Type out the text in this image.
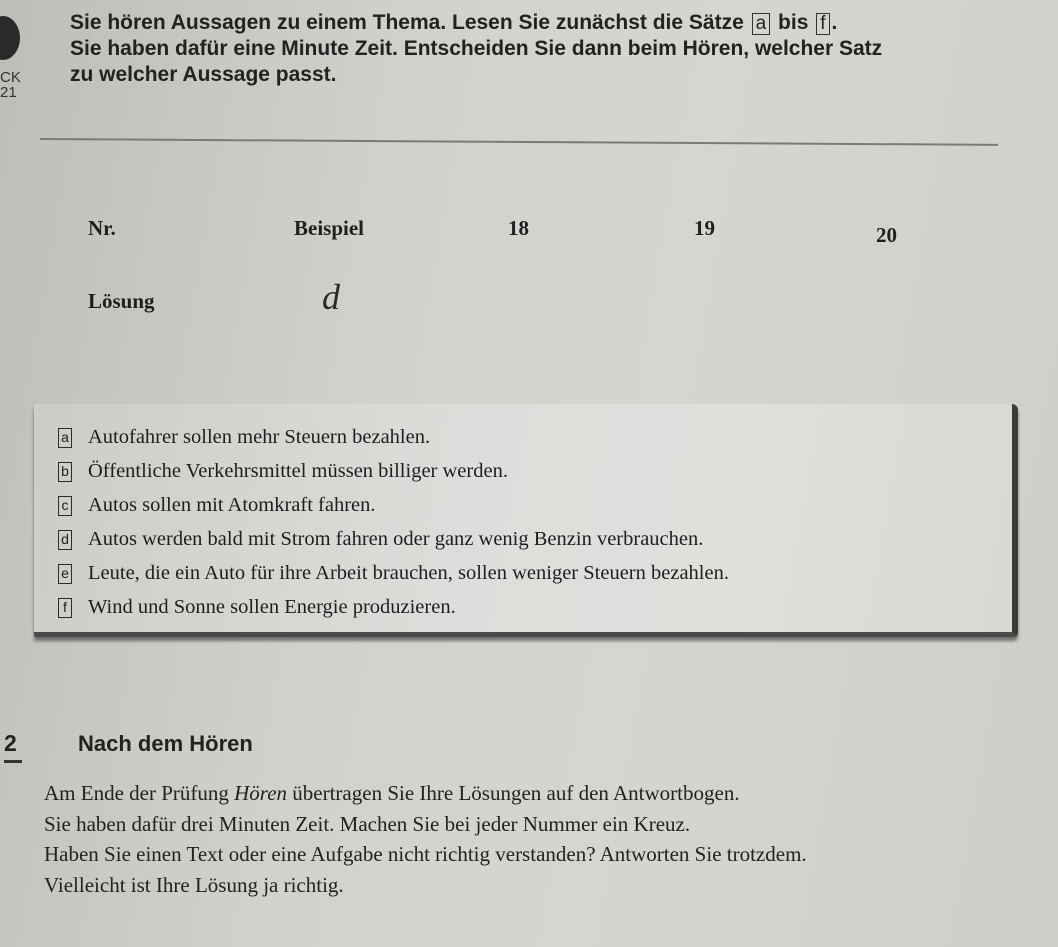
CK
21
Sie hören Aussagen zu einem Thema. Lesen Sie zunächst die Sätze a bis f .
Sie haben dafür eine Minute Zeit. Entscheiden Sie dann beim Hören, welcher Satz
zu welcher Aussage passt.
Nr.	Beispiel	18	19	20
Lösung	d
a Autofahrer sollen mehr Steuern bezahlen.
b Öffentliche Verkehrsmittel müssen billiger werden.
c Autos sollen mit Atomkraft fahren.
d Autos werden bald mit Strom fahren oder ganz wenig Benzin verbrauchen.
e Leute, die ein Auto für ihre Arbeit brauchen, sollen weniger Steuern bezahlen.
f Wind und Sonne sollen Energie produzieren.
2	Nach dem Hören

Am Ende der Prüfung Hören übertragen Sie Ihre Lösungen auf den Antwortbogen.

Sie haben dafür drei Minuten Zeit. Machen Sie bei jeder Nummer ein Kreuz.

Haben Sie einen Text oder eine Aufgabe nicht richtig verstanden? Antworten Sie trotzdem.

Vielleicht ist Ihre Lösung ja richtig.
